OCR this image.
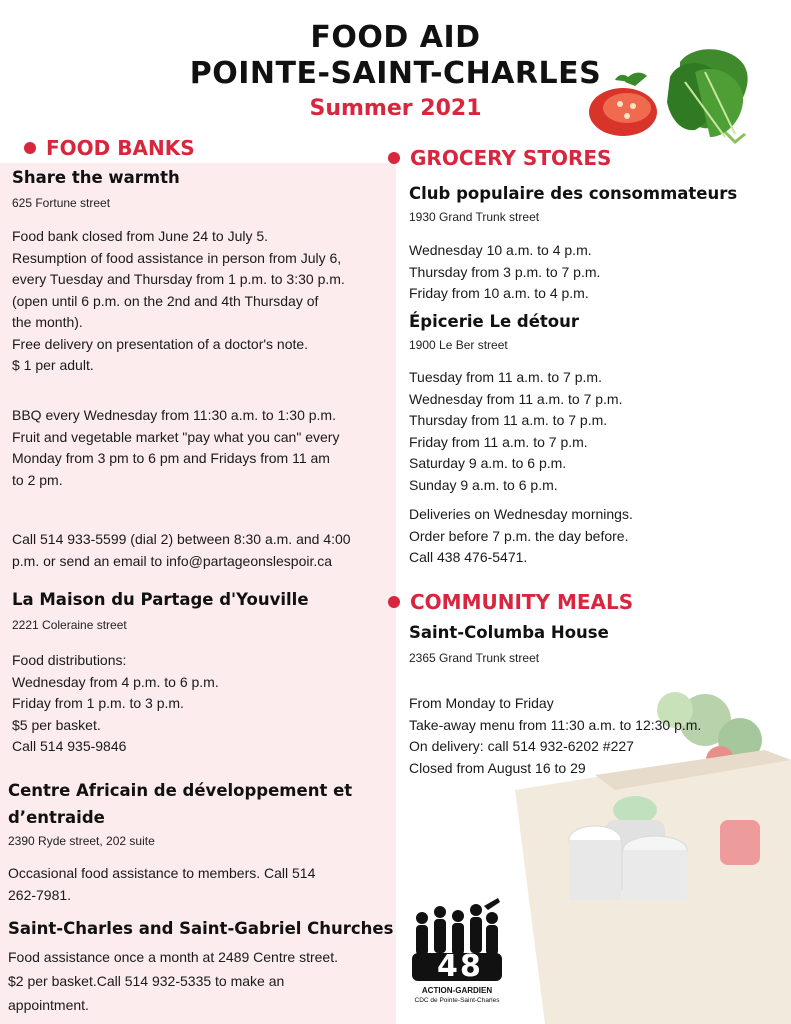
FOOD AID
POINTE-SAINT-CHARLES
Summer 2021
FOOD BANKS
Share the warmth
625 Fortune street
Food bank closed from June 24 to July 5.
Resumption of food assistance in person from July 6,
every Tuesday and Thursday from 1 p.m. to 3:30 p.m.
(open until 6 p.m. on the 2nd and 4th Thursday of
the month).
Free delivery on presentation of a doctor's note.
$ 1 per adult.
BBQ every Wednesday from 11:30 a.m. to 1:30 p.m.
Fruit and vegetable market "pay what you can" every
Monday from 3 pm to 6 pm and Fridays from 11 am
to 2 pm.
Call 514 933-5599 (dial 2) between 8:30 a.m. and 4:00
p.m. or send an email to info@partageonslespoir.ca
La Maison du Partage d'Youville
2221 Coleraine street
Food distributions:
Wednesday from 4 p.m. to 6 p.m.
Friday from 1 p.m. to 3 p.m.
$5 per basket.
Call 514 935-9846
Centre Africain de développement et
d’entraide
2390 Ryde street, 202 suite
Occasional food assistance to members. Call 514
262-7981.
Saint-Charles and Saint-Gabriel Churches
Food assistance once a month at 2489 Centre street.
$2 per basket.Call 514 932-5335 to make an
appointment.
GROCERY STORES
Club populaire des consommateurs
1930 Grand Trunk street
Wednesday 10 a.m. to 4 p.m.
Thursday from 3 p.m. to 7 p.m.
Friday from 10 a.m. to 4 p.m.
Épicerie Le détour
1900 Le Ber street
Tuesday from 11 a.m. to 7 p.m.
Wednesday from 11 a.m. to 7 p.m.
Thursday from 11 a.m. to 7 p.m.
Friday from 11 a.m. to 7 p.m.
Saturday 9 a.m. to 6 p.m.
Sunday 9 a.m. to 6 p.m.
Deliveries on Wednesday mornings.
Order before 7 p.m. the day before.
Call 438 476-5471.
COMMUNITY MEALS
Saint-Columba House
2365 Grand Trunk street
From Monday to Friday
Take-away menu from 11:30 a.m. to 12:30 p.m.
On delivery: call 514 932-6202 #227
Closed from August 16 to 29
4 8
ACTION-GARDIEN
CDC de Pointe-Saint-Charles
